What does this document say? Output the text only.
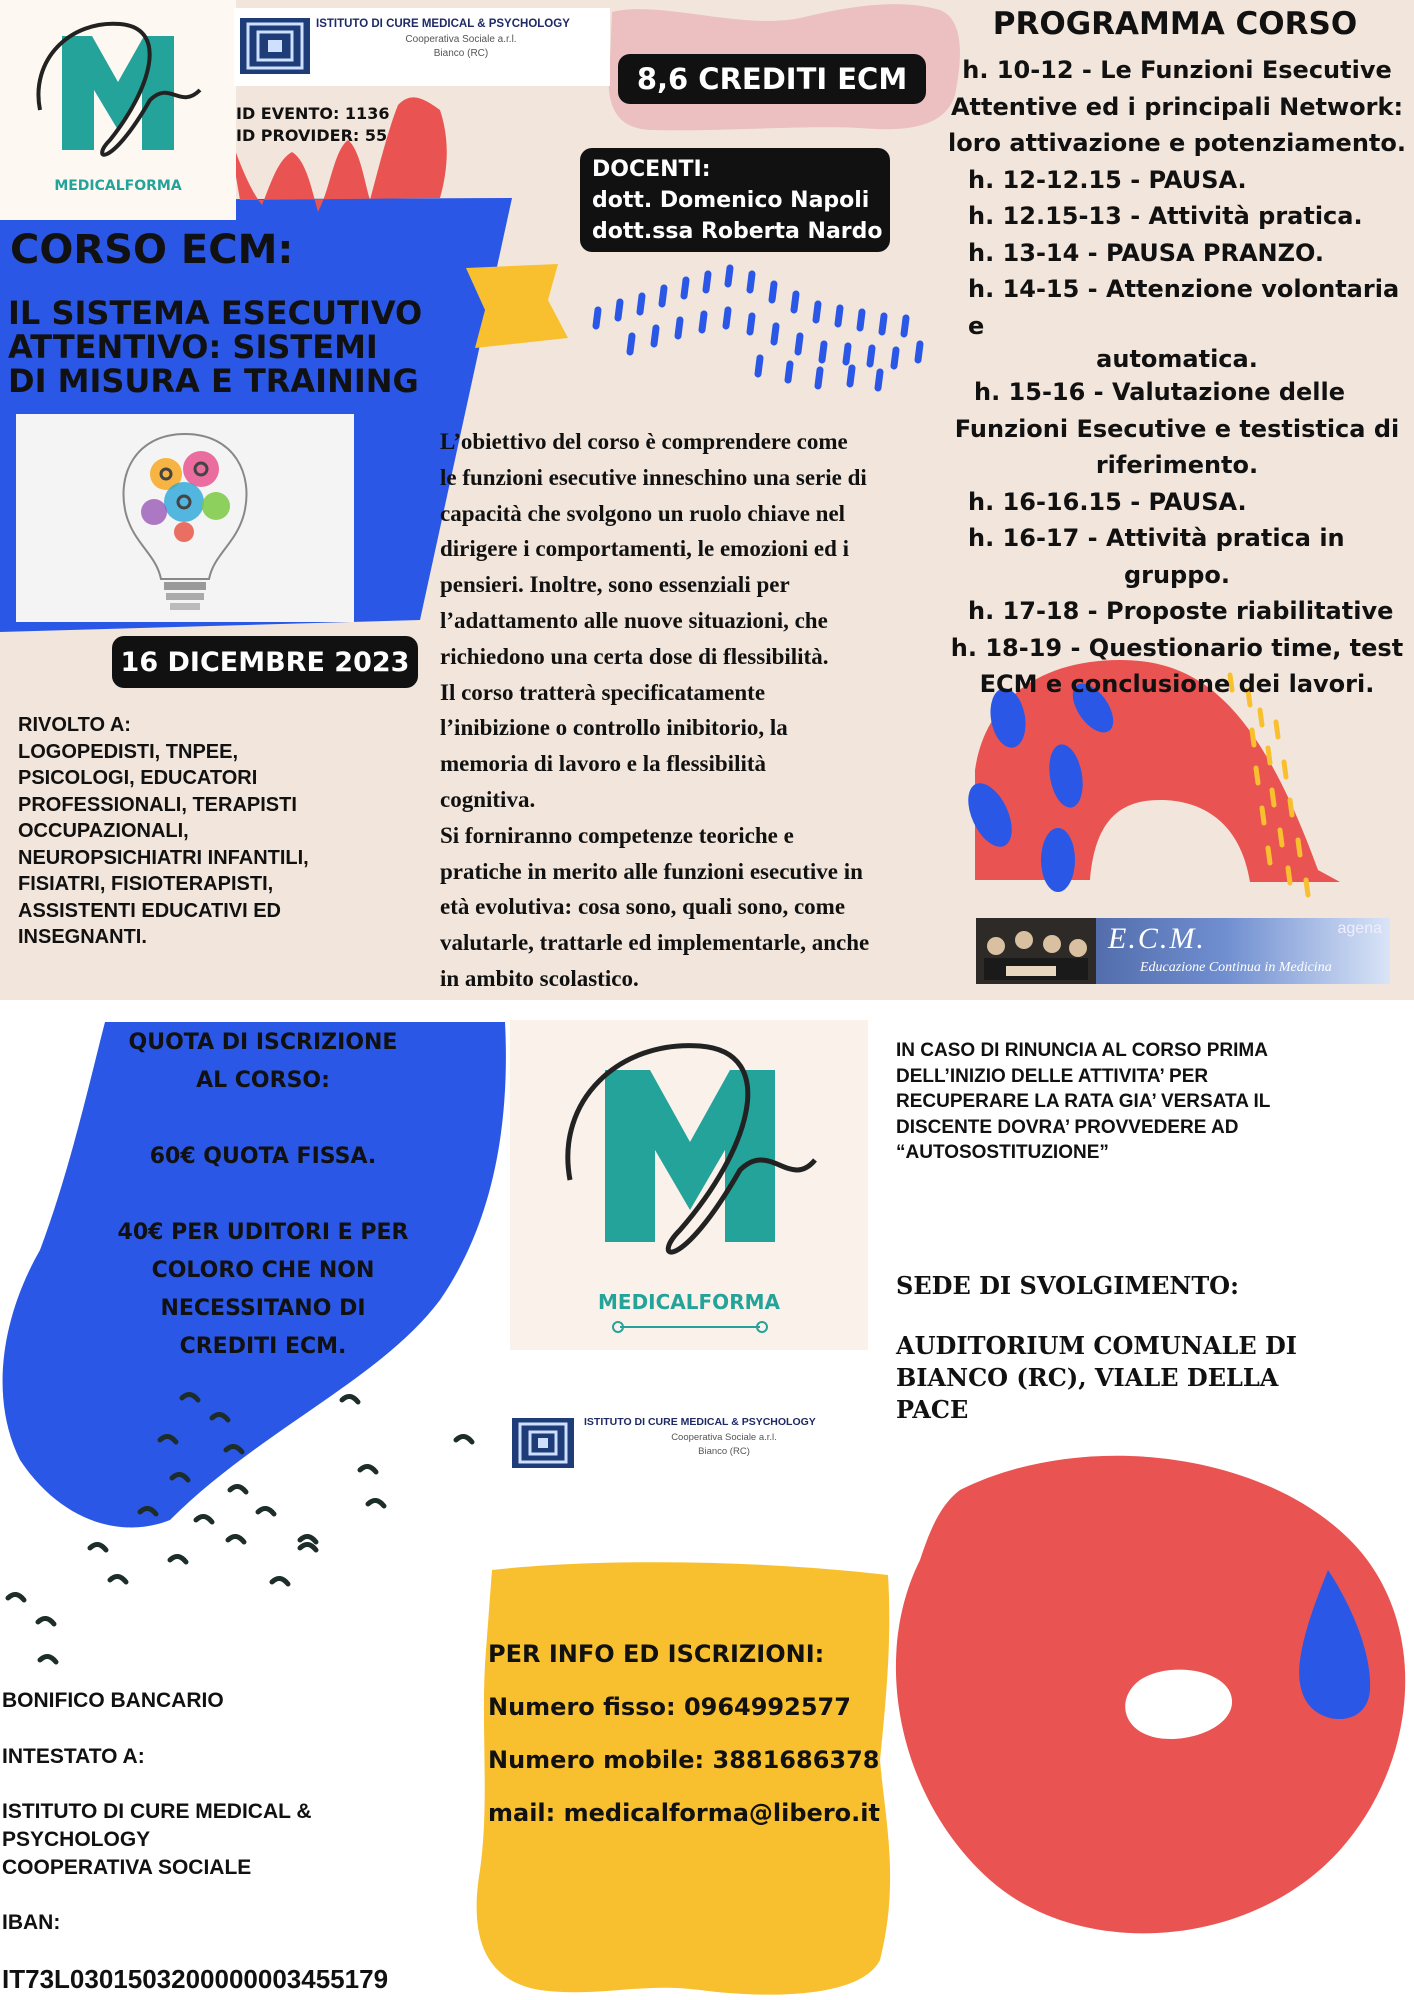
MEDICALFORMA
ISTITUTO DI CURE MEDICAL & PSYCHOLOGY
Cooperativa Sociale a.r.l.
Bianco (RC)
ID EVENTO: 1136
ID PROVIDER: 55
8,6 CREDITI ECM
DOCENTI:
dott. Domenico Napoli
dott.ssa Roberta Nardo
CORSO ECM:
IL SISTEMA ESECUTIVO
ATTENTIVO: SISTEMI
DI MISURA E TRAINING
16 DICEMBRE 2023
RIVOLTO A:
LOGOPEDISTI, TNPEE,
PSICOLOGI, EDUCATORI
PROFESSIONALI, TERAPISTI
OCCUPAZIONALI,
NEUROPSICHIATRI INFANTILI,
FISIATRI, FISIOTERAPISTI,
ASSISTENTI EDUCATIVI ED
INSEGNANTI.
L’obiettivo del corso è comprendere come
le funzioni esecutive inneschino una serie di
capacità che svolgono un ruolo chiave nel
dirigere i comportamenti, le emozioni ed i
pensieri. Inoltre, sono essenziali per
l’adattamento alle nuove situazioni, che
richiedono una certa dose di flessibilità.
Il corso tratterà specificatamente
l’inibizione o controllo inibitorio, la
memoria di lavoro e la flessibilità
cognitiva.
Si forniranno competenze teoriche e
pratiche in merito alle funzioni esecutive in
età evolutiva: cosa sono, quali sono, come
valutarle, trattarle ed implementarle, anche
in ambito scolastico.
PROGRAMMA CORSO
h. 10-12 - Le Funzioni Esecutive
Attentive ed i principali Network:
loro attivazione e potenziamento.
h. 12-12.15 - PAUSA.
h. 12.15-13 - Attività pratica.
h. 13-14 - PAUSA PRANZO.
h. 14-15 - Attenzione volontaria e
automatica.
h. 15-16 - Valutazione delle
Funzioni Esecutive e testistica di
riferimento.
h. 16-16.15 - PAUSA.
h. 16-17 - Attività pratica in
gruppo.
h. 17-18 - Proposte riabilitative
h. 18-19 - Questionario time, test
ECM e conclusione dei lavori.
agena
E.C.M.
Educazione Continua in Medicina
QUOTA DI ISCRIZIONE
AL CORSO:
60€ QUOTA FISSA.
40€ PER UDITORI E PER
COLORO CHE NON
NECESSITANO DI
CREDITI ECM.
MEDICALFORMA
ISTITUTO DI CURE MEDICAL & PSYCHOLOGY
Cooperativa Sociale a.r.l.
Bianco (RC)
IN CASO DI RINUNCIA AL CORSO PRIMA
DELL’INIZIO DELLE ATTIVITA’ PER
RECUPERARE LA RATA GIA’ VERSATA IL
DISCENTE DOVRA’ PROVVEDERE AD
“AUTOSOSTITUZIONE”
SEDE DI SVOLGIMENTO:
AUDITORIUM COMUNALE DI
BIANCO (RC), VIALE DELLA
PACE
BONIFICO BANCARIO
INTESTATO A:
ISTITUTO DI CURE MEDICAL &
PSYCHOLOGY
COOPERATIVA SOCIALE
IBAN:
IT73L0301503200000003455179
PER INFO ED ISCRIZIONI:
Numero fisso: 0964992577
Numero mobile: 3881686378
mail: medicalforma@libero.it
